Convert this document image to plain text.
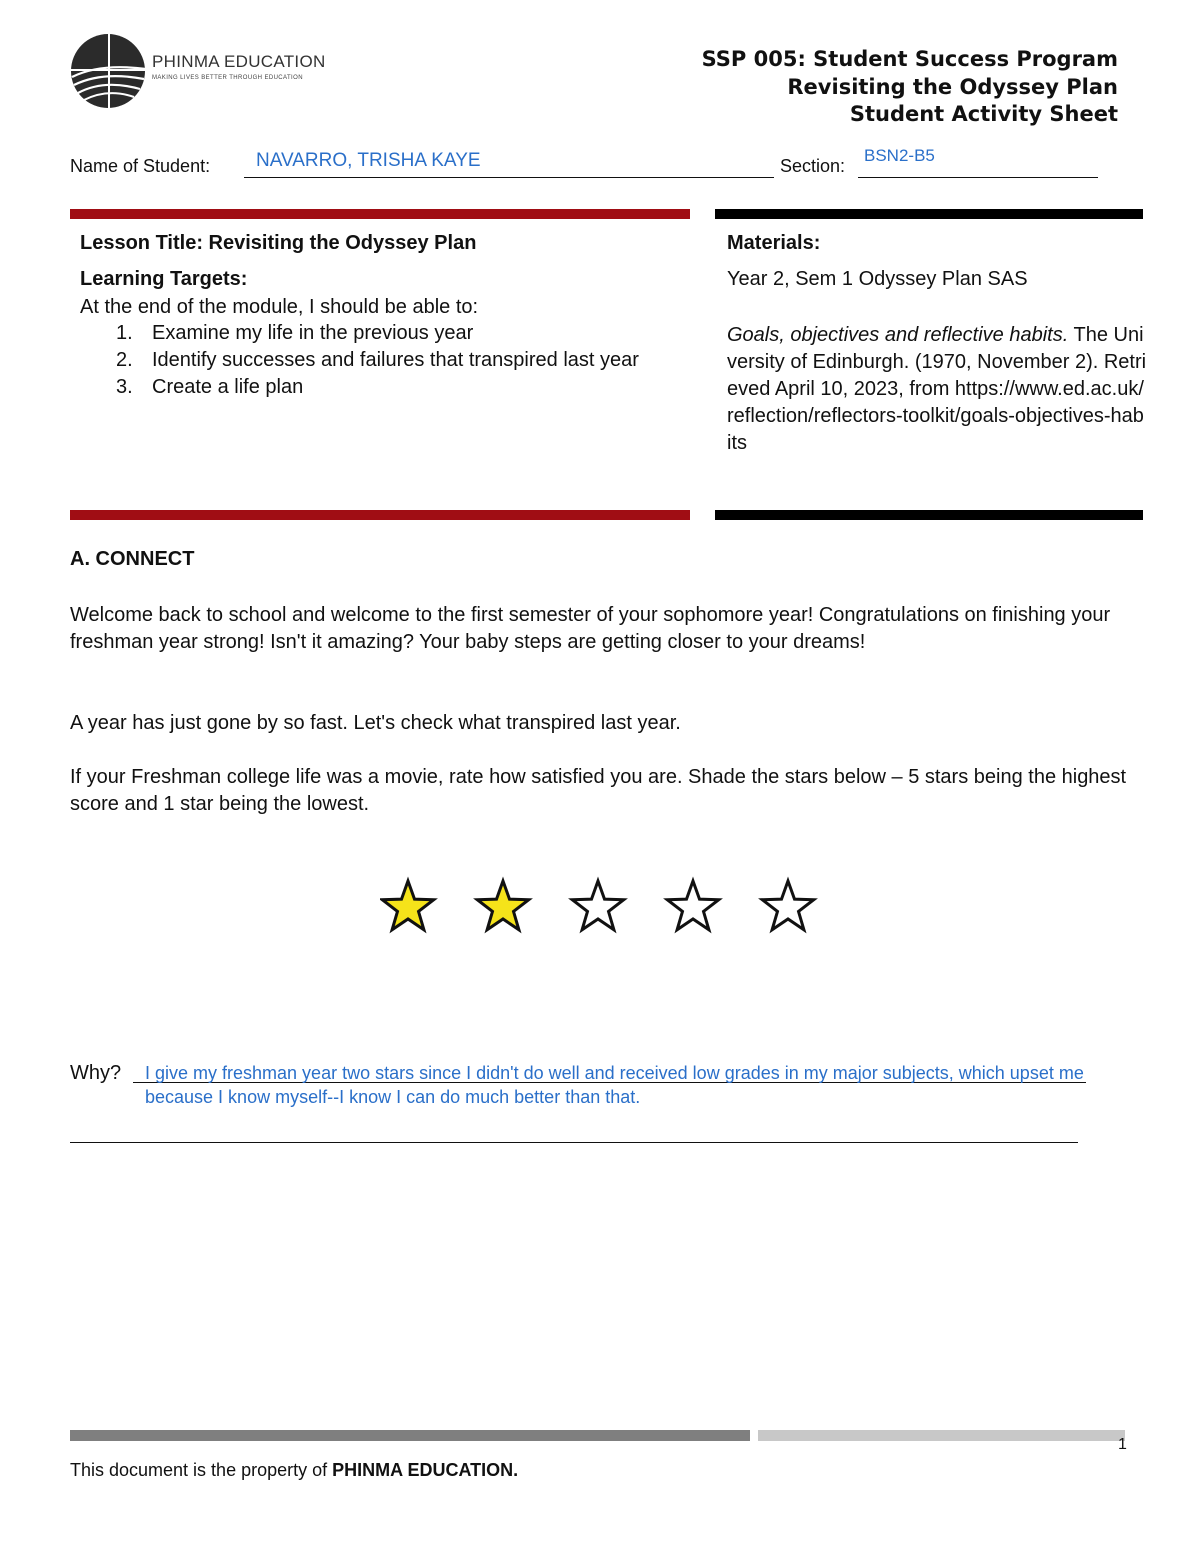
PHINMA EDUCATION
MAKING LIVES BETTER THROUGH EDUCATION
SSP 005: Student Success Program
Revisiting the Odyssey Plan
Student Activity Sheet
Name of Student: NAVARRO, TRISHA KAYE	Section:
BSN2-B5
Lesson Title: Revisiting the Odyssey Plan
Learning Targets:
At the end of the module, I should be able to:
1. Examine my life in the previous year
2. Identify successes and failures that transpired last year
3. Create a life plan
Materials:
Year 2, Sem 1 Odyssey Plan SAS
Goals, objectives and reflective habits. The University of Edinburgh. (1970, November 2). Retrieved April 10, 2023, from https://www.ed.ac.uk/reflection/reflectors-toolkit/goals-objectives-habits
A. CONNECT
Welcome back to school and welcome to the first semester of your sophomore year! Congratulations on finishing your freshman year strong! Isn't it amazing? Your baby steps are getting closer to your dreams!
A year has just gone by so fast. Let's check what transpired last year.
If your Freshman college life was a movie, rate how satisfied you are. Shade the stars below – 5 stars being the highest score and 1 star being the lowest.
Why? I give my freshman year two stars since I didn't do well and received low grades in my major subjects, which upset me because I know myself--I know I can do much better than that.
1
This document is the property of PHINMA EDUCATION.
